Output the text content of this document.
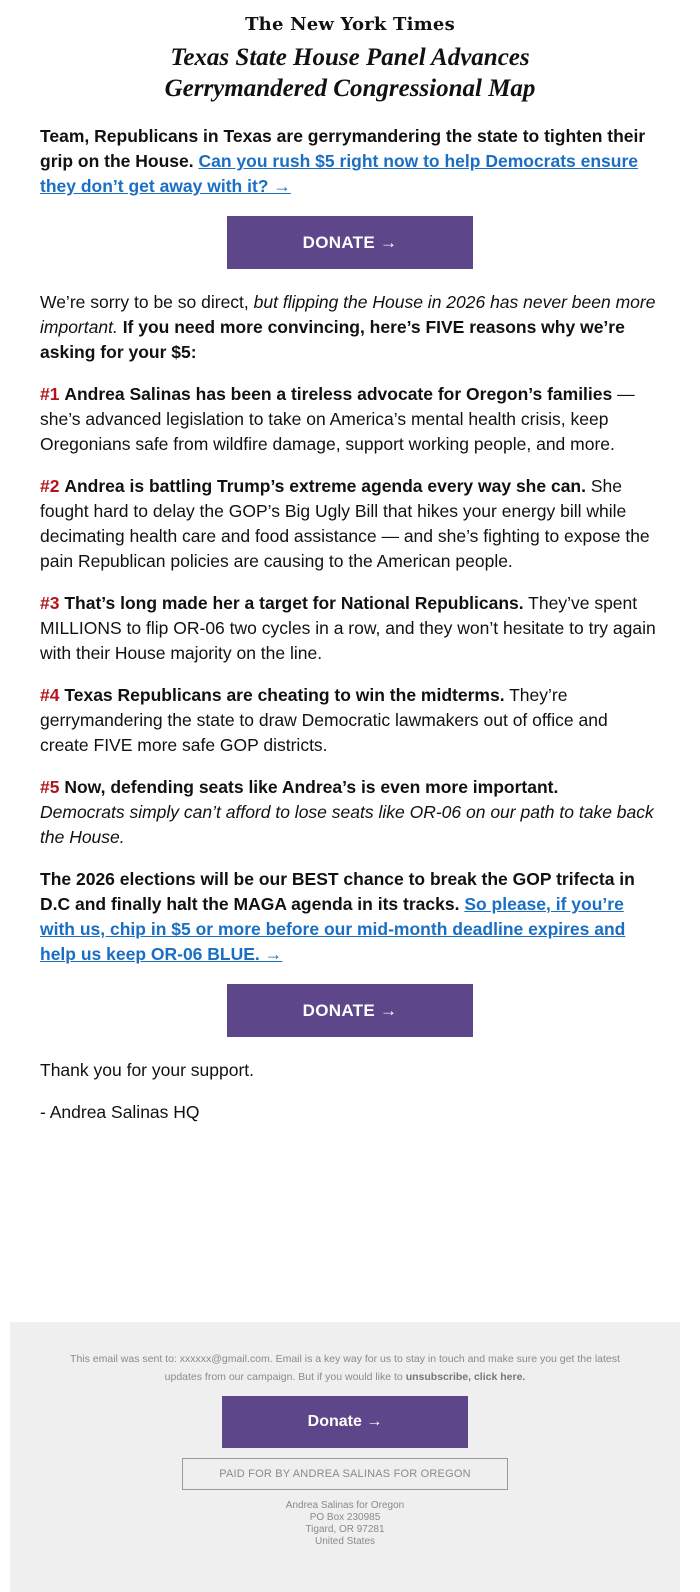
The New York Times
Texas State House Panel Advances
Gerrymandered Congressional Map

Team, Republicans in Texas are gerrymandering the state to tighten their grip on the House. Can you rush $5 right now to help Democrats ensure they don’t get away with it? →

DONATE →

We’re sorry to be so direct, but flipping the House in 2026 has never been more important. If you need more convincing, here’s FIVE reasons why we’re asking for your $5:

#1 Andrea Salinas has been a tireless advocate for Oregon’s families — she’s advanced legislation to take on America’s mental health crisis, keep Oregonians safe from wildfire damage, support working people, and more.

#2 Andrea is battling Trump’s extreme agenda every way she can. She fought hard to delay the GOP’s Big Ugly Bill that hikes your energy bill while decimating health care and food assistance — and she’s fighting to expose the pain Republican policies are causing to the American people.

#3 That’s long made her a target for National Republicans. They’ve spent MILLIONS to flip OR-06 two cycles in a row, and they won’t hesitate to try again with their House majority on the line.

#4 Texas Republicans are cheating to win the midterms. They’re gerrymandering the state to draw Democratic lawmakers out of office and create FIVE more safe GOP districts.

#5 Now, defending seats like Andrea’s is even more important.
Democrats simply can’t afford to lose seats like OR-06 on our path to take back the House.

The 2026 elections will be our BEST chance to break the GOP trifecta in D.C and finally halt the MAGA agenda in its tracks. So please, if you’re with us, chip in $5 or more before our mid-month deadline expires and help us keep OR-06 BLUE. →

DONATE →

Thank you for your support.

- Andrea Salinas HQ

This email was sent to: xxxxxx@gmail.com. Email is a key way for us to stay in touch and make sure you get the latest updates from our campaign. But if you would like to unsubscribe, click here.
Donate →
PAID FOR BY ANDREA SALINAS FOR OREGON
Andrea Salinas for Oregon
PO Box 230985
Tigard, OR 97281
United States
